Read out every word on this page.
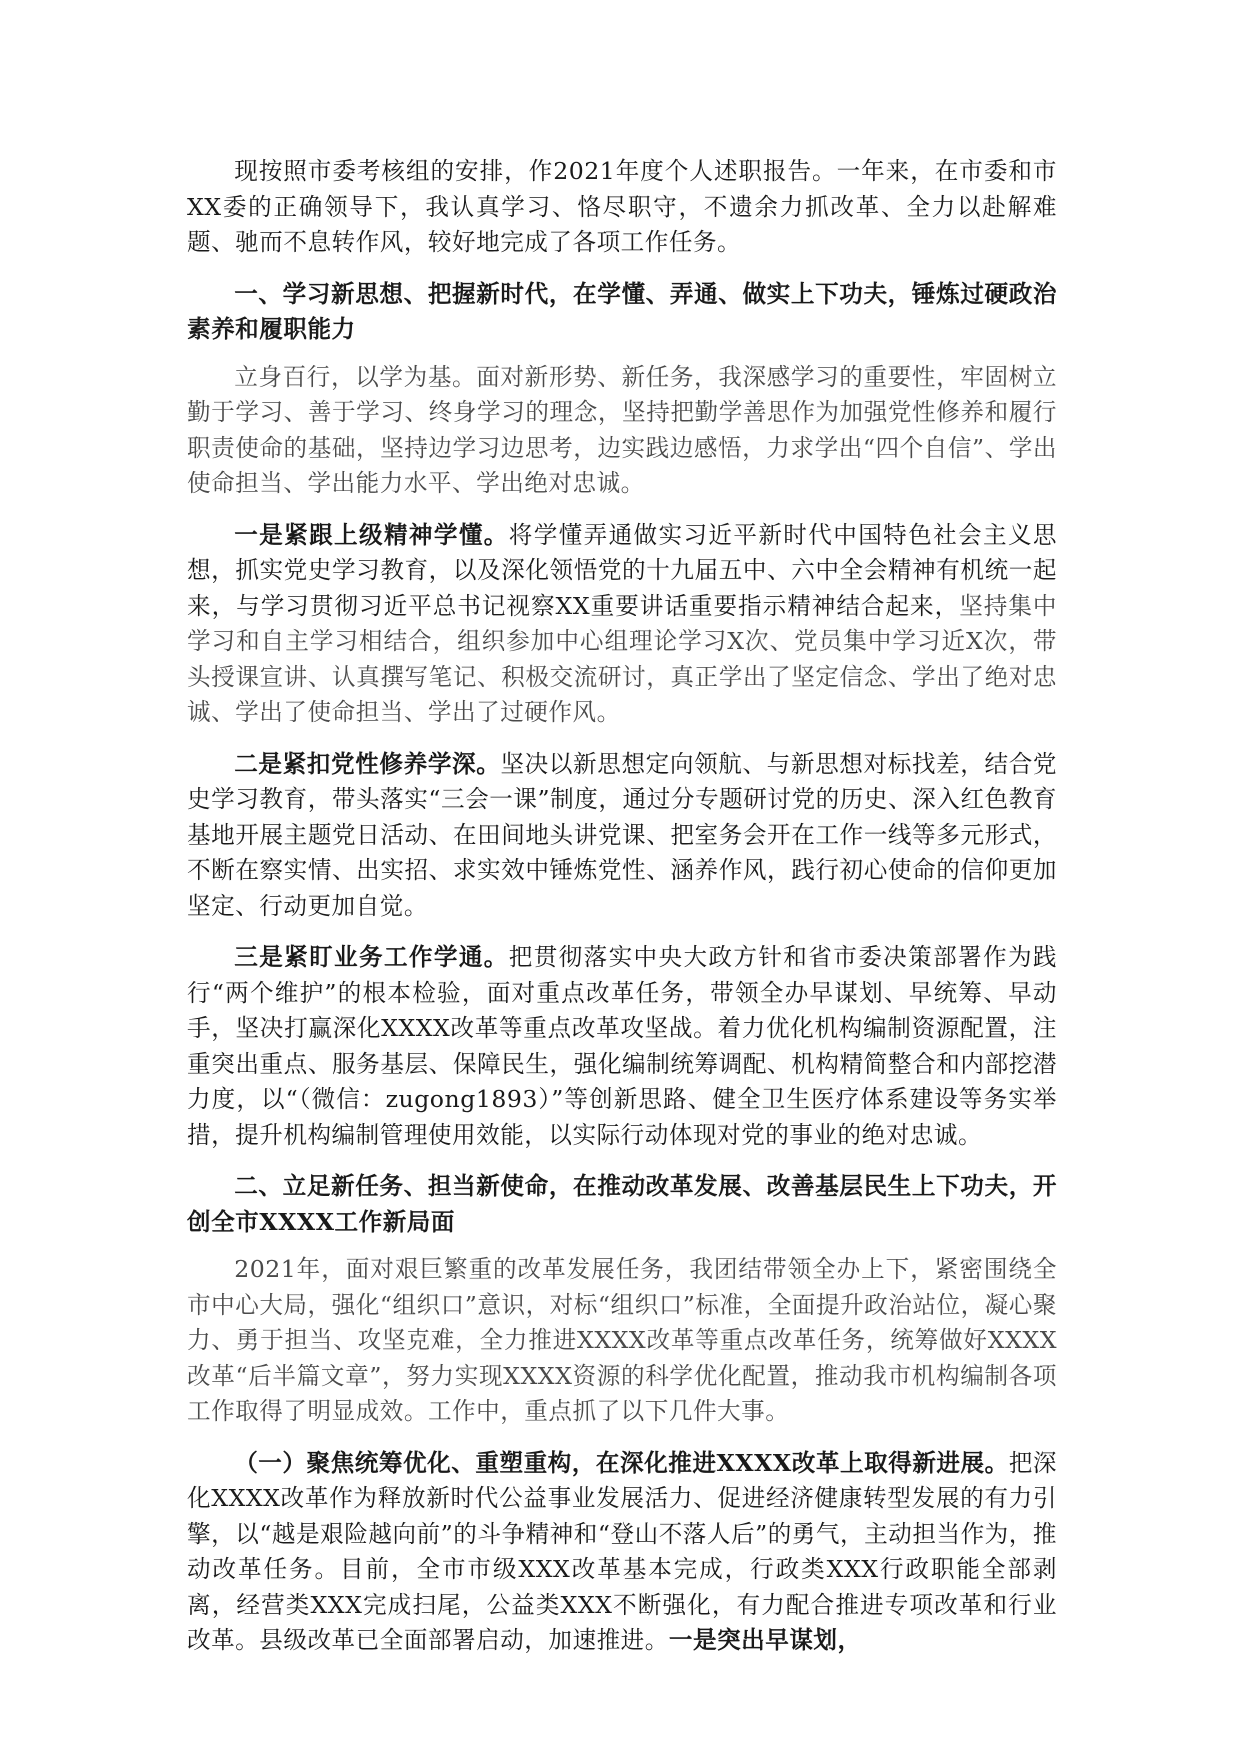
现按照市委考核组的安排，作2021年度个人述职报告。一年来，在市委和市XX委的正确领导下，我认真学习、恪尽职守，不遗余力抓改革、全力以赴解难题、驰而不息转作风，较好地完成了各项工作任务。

一、学习新思想、把握新时代，在学懂、弄通、做实上下功夫，锤炼过硬政治素养和履职能力

立身百行，以学为基。面对新形势、新任务，我深感学习的重要性，牢固树立勤于学习、善于学习、终身学习的理念，坚持把勤学善思作为加强党性修养和履行职责使命的基础，坚持边学习边思考，边实践边感悟，力求学出“四个自信”、学出使命担当、学出能力水平、学出绝对忠诚。

一是紧跟上级精神学懂。将学懂弄通做实习近平新时代中国特色社会主义思想，抓实党史学习教育，以及深化领悟党的十九届五中、六中全会精神有机统一起来，与学习贯彻习近平总书记视察XX重要讲话重要指示精神结合起来，坚持集中学习和自主学习相结合，组织参加中心组理论学习X次、党员集中学习近X次，带头授课宣讲、认真撰写笔记、积极交流研讨，真正学出了坚定信念、学出了绝对忠诚、学出了使命担当、学出了过硬作风。

二是紧扣党性修养学深。坚决以新思想定向领航、与新思想对标找差，结合党史学习教育，带头落实“三会一课”制度，通过分专题研讨党的历史、深入红色教育基地开展主题党日活动、在田间地头讲党课、把室务会开在工作一线等多元形式，不断在察实情、出实招、求实效中锤炼党性、涵养作风，践行初心使命的信仰更加坚定、行动更加自觉。

三是紧盯业务工作学通。把贯彻落实中央大政方针和省市委决策部署作为践行“两个维护”的根本检验，面对重点改革任务，带领全办早谋划、早统筹、早动手，坚决打赢深化XXXX改革等重点改革攻坚战。着力优化机构编制资源配置，注重突出重点、服务基层、保障民生，强化编制统筹调配、机构精简整合和内部挖潜力度，以“（微信：zugong1893）”等创新思路、健全卫生医疗体系建设等务实举措，提升机构编制管理使用效能，以实际行动体现对党的事业的绝对忠诚。

二、立足新任务、担当新使命，在推动改革发展、改善基层民生上下功夫，开创全市XXXX工作新局面

2021年，面对艰巨繁重的改革发展任务，我团结带领全办上下，紧密围绕全市中心大局，强化“组织口”意识，对标“组织口”标准，全面提升政治站位，凝心聚力、勇于担当、攻坚克难，全力推进XXXX改革等重点改革任务，统筹做好XXXX改革“后半篇文章”，努力实现XXXX资源的科学优化配置，推动我市机构编制各项工作取得了明显成效。工作中，重点抓了以下几件大事。

（一）聚焦统筹优化、重塑重构，在深化推进XXXX改革上取得新进展。把深化XXXX改革作为释放新时代公益事业发展活力、促进经济健康转型发展的有力引擎，以“越是艰险越向前”的斗争精神和“登山不落人后”的勇气，主动担当作为，推动改革任务。目前，全市市级XXX改革基本完成，行政类XXX行政职能全部剥离，经营类XXX完成扫尾，公益类XXX不断强化，有力配合推进专项改革和行业改革。县级改革已全面部署启动，加速推进。一是突出早谋划，
